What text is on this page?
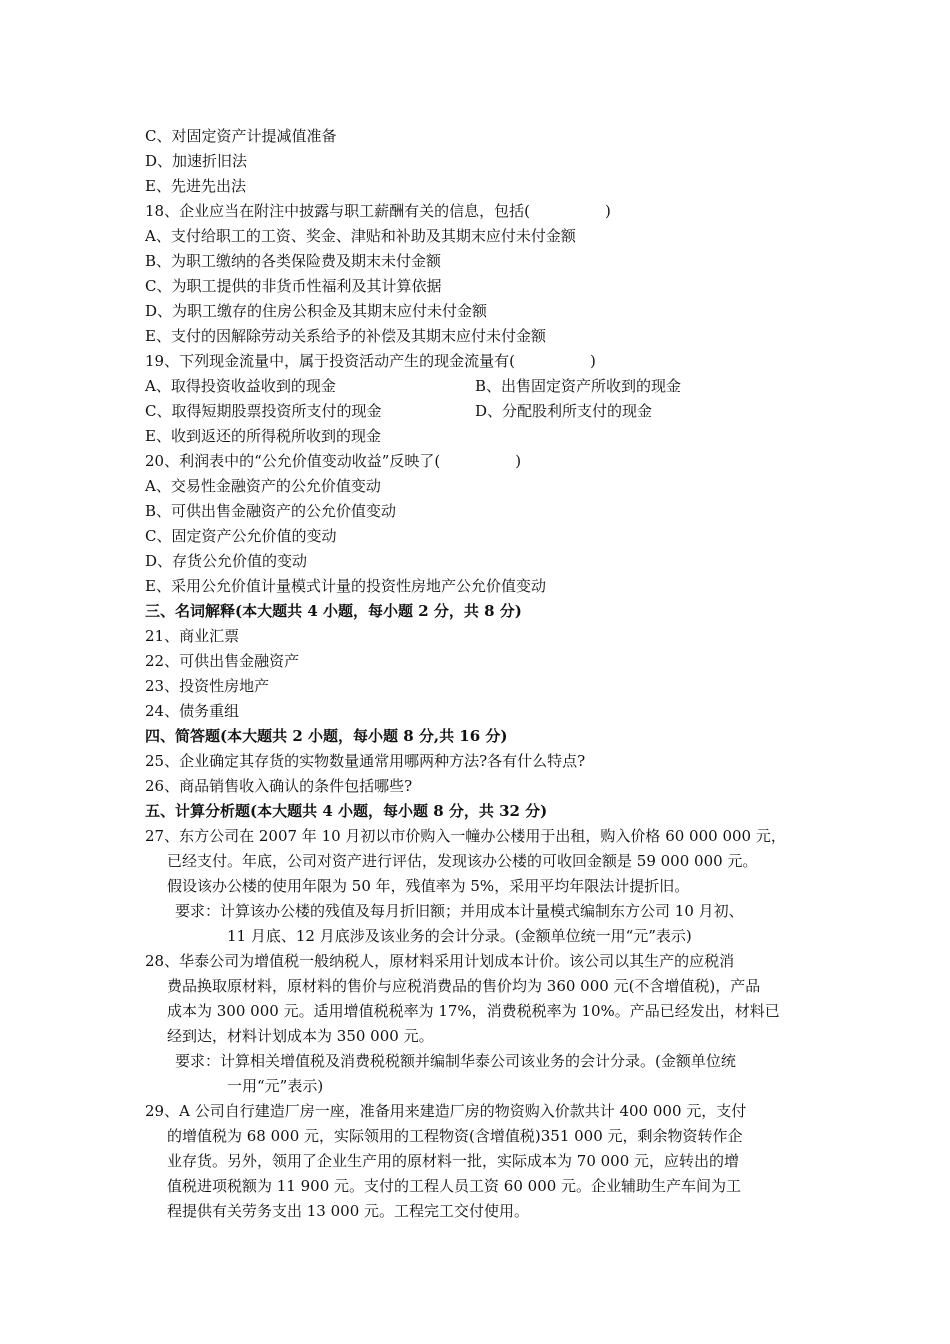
C、对固定资产计提减值准备
D、加速折旧法
E、先进先出法
18、企业应当在附注中披露与职工薪酬有关的信息，包括(　　　　　)
A、支付给职工的工资、奖金、津贴和补助及其期末应付未付金额
B、为职工缴纳的各类保险费及期末未付金额
C、为职工提供的非货币性福利及其计算依据
D、为职工缴存的住房公积金及其期末应付未付金额
E、支付的因解除劳动关系给予的补偿及其期末应付未付金额
19、下列现金流量中，属于投资活动产生的现金流量有(　　　　　)
A、取得投资收益收到的现金	B、出售固定资产所收到的现金
C、取得短期股票投资所支付的现金	D、分配股利所支付的现金
E、收到返还的所得税所收到的现金
20、利润表中的“公允价值变动收益”反映了(　　　　　)
A、交易性金融资产的公允价值变动
B、可供出售金融资产的公允价值变动
C、固定资产公允价值的变动
D、存货公允价值的变动
E、采用公允价值计量模式计量的投资性房地产公允价值变动
三、名词解释(本大题共 4 小题，每小题 2 分，共 8 分)
21、商业汇票
22、可供出售金融资产
23、投资性房地产
24、债务重组
四、简答题(本大题共 2 小题，每小题 8 分,共 16 分)
25、企业确定其存货的实物数量通常用哪两种方法?各有什么特点?
26、商品销售收入确认的条件包括哪些?
五、计算分析题(本大题共 4 小题，每小题 8 分，共 32 分)
27、东方公司在 2007 年 10 月初以市价购入一幢办公楼用于出租，购入价格 60 000 000 元，
已经支付。年底，公司对资产进行评估，发现该办公楼的可收回金额是 59 000 000 元。
假设该办公楼的使用年限为 50 年，残值率为 5%，采用平均年限法计提折旧。
要求：计算该办公楼的残值及每月折旧额；并用成本计量模式编制东方公司 10 月初、
11 月底、12 月底涉及该业务的会计分录。(金额单位统一用“元”表示)
28、华泰公司为增值税一般纳税人，原材料采用计划成本计价。该公司以其生产的应税消
费品换取原材料，原材料的售价与应税消费品的售价均为 360 000 元(不含增值税)，产品
成本为 300 000 元。适用增值税税率为 17%，消费税税率为 10%。产品已经发出，材料已
经到达，材料计划成本为 350 000 元。
要求：计算相关增值税及消费税税额并编制华泰公司该业务的会计分录。(金额单位统
一用“元”表示)
29、A 公司自行建造厂房一座，准备用来建造厂房的物资购入价款共计 400 000 元，支付
的增值税为 68 000 元，实际领用的工程物资(含增值税)351 000 元，剩余物资转作企
业存货。另外，领用了企业生产用的原材料一批，实际成本为 70 000 元，应转出的增
值税进项税额为 11 900 元。支付的工程人员工资 60 000 元。企业辅助生产车间为工
程提供有关劳务支出 13 000 元。工程完工交付使用。
